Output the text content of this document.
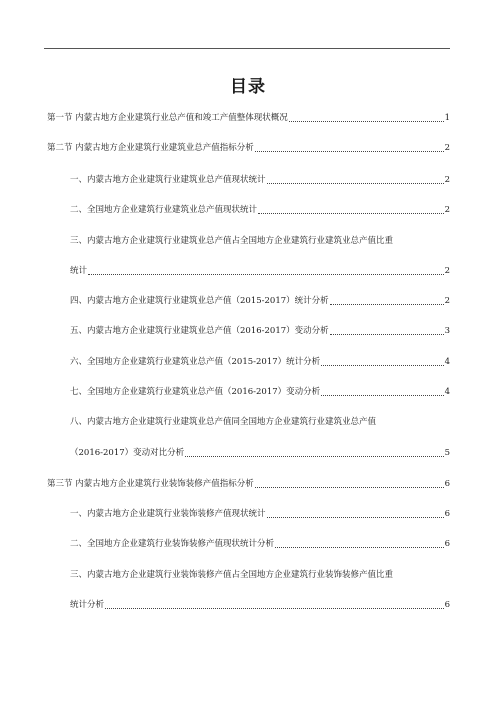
目录
第一节 内蒙古地方企业建筑行业总产值和竣工产值整体现状概况	1
第二节 内蒙古地方企业建筑行业建筑业总产值指标分析	2
一、内蒙古地方企业建筑行业建筑业总产值现状统计	2
二、全国地方企业建筑行业建筑业总产值现状统计	2
三、内蒙古地方企业建筑行业建筑业总产值占全国地方企业建筑行业建筑业总产值比重
统计	2
四、内蒙古地方企业建筑行业建筑业总产值（2015-2017）统计分析	2
五、内蒙古地方企业建筑行业建筑业总产值（2016-2017）变动分析	3
六、全国地方企业建筑行业建筑业总产值（2015-2017）统计分析	4
七、全国地方企业建筑行业建筑业总产值（2016-2017）变动分析	4
八、内蒙古地方企业建筑行业建筑业总产值同全国地方企业建筑行业建筑业总产值
（2016-2017）变动对比分析	5
第三节 内蒙古地方企业建筑行业装饰装修产值指标分析	6
一、内蒙古地方企业建筑行业装饰装修产值现状统计	6
二、全国地方企业建筑行业装饰装修产值现状统计分析	6
三、内蒙古地方企业建筑行业装饰装修产值占全国地方企业建筑行业装饰装修产值比重
统计分析	6
